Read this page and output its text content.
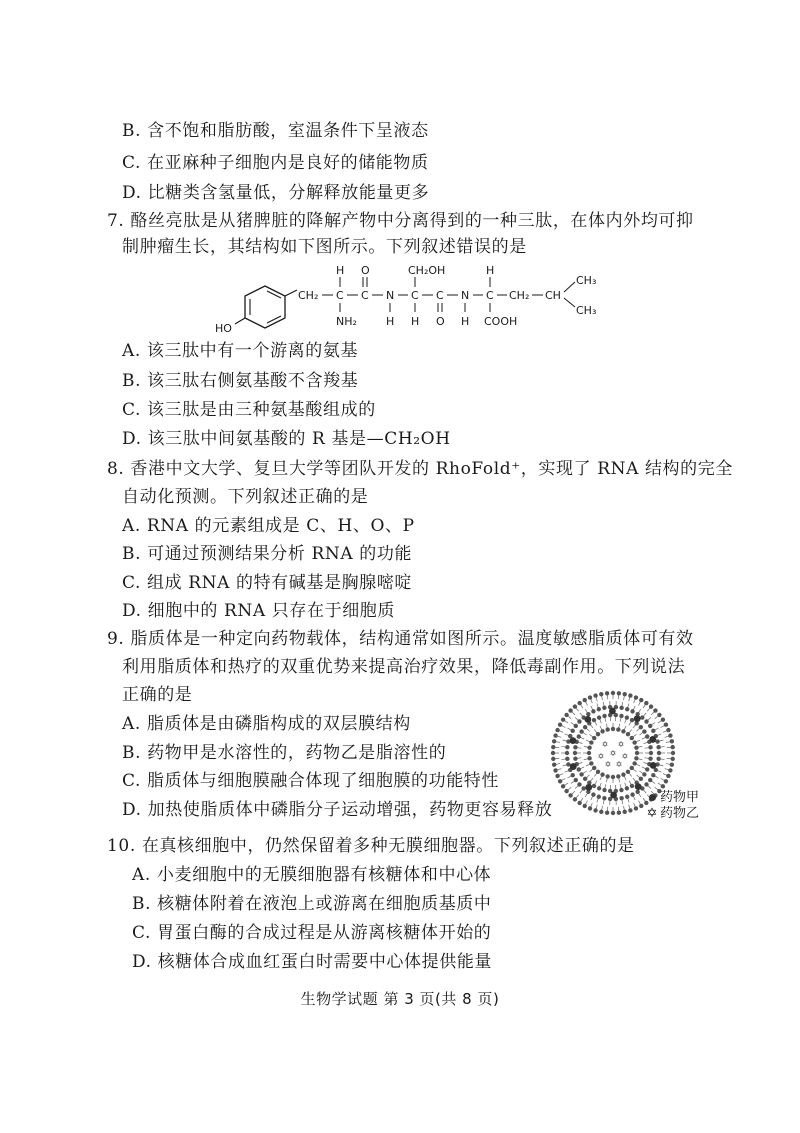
B. 含不饱和脂肪酸，室温条件下呈液态
C. 在亚麻种子细胞内是良好的储能物质
D. 比糖类含氢量低，分解释放能量更多
7. 酪丝亮肽是从猪脾脏的降解产物中分离得到的一种三肽，在体内外均可抑
制肿瘤生长，其结构如下图所示。下列叙述错误的是
HO
CH₂ C C N C C N C CH₂ CH
CH₃
CH₃
H O	CH₂OH	H
NH₂	H H O H COOH
A. 该三肽中有一个游离的氨基
B. 该三肽右侧氨基酸不含羧基
C. 该三肽是由三种氨基酸组成的
D. 该三肽中间氨基酸的 R 基是—CH₂OH
8. 香港中文大学、复旦大学等团队开发的 RhoFold⁺，实现了 RNA 结构的完全
自动化预测。下列叙述正确的是
A. RNA 的元素组成是 C、H、O、P
B. 可通过预测结果分析 RNA 的功能
C. 组成 RNA 的特有碱基是胸腺嘧啶
D. 细胞中的 RNA 只存在于细胞质
9. 脂质体是一种定向药物载体，结构通常如图所示。温度敏感脂质体可有效
利用脂质体和热疗的双重优势来提高治疗效果，降低毒副作用。下列说法
正确的是
A. 脂质体是由磷脂构成的双层膜结构
B. 药物甲是水溶性的，药物乙是脂溶性的
C. 脂质体与细胞膜融合体现了细胞膜的功能特性
D. 加热使脂质体中磷脂分子运动增强，药物更容易释放
✡ ✡
✡ ✡ ✡
✡ ✡
药物甲
✡ 药物乙
10. 在真核细胞中，仍然保留着多种无膜细胞器。下列叙述正确的是
A. 小麦细胞中的无膜细胞器有核糖体和中心体
B. 核糖体附着在液泡上或游离在细胞质基质中
C. 胃蛋白酶的合成过程是从游离核糖体开始的
D. 核糖体合成血红蛋白时需要中心体提供能量
生物学试题 第 3 页(共 8 页)
